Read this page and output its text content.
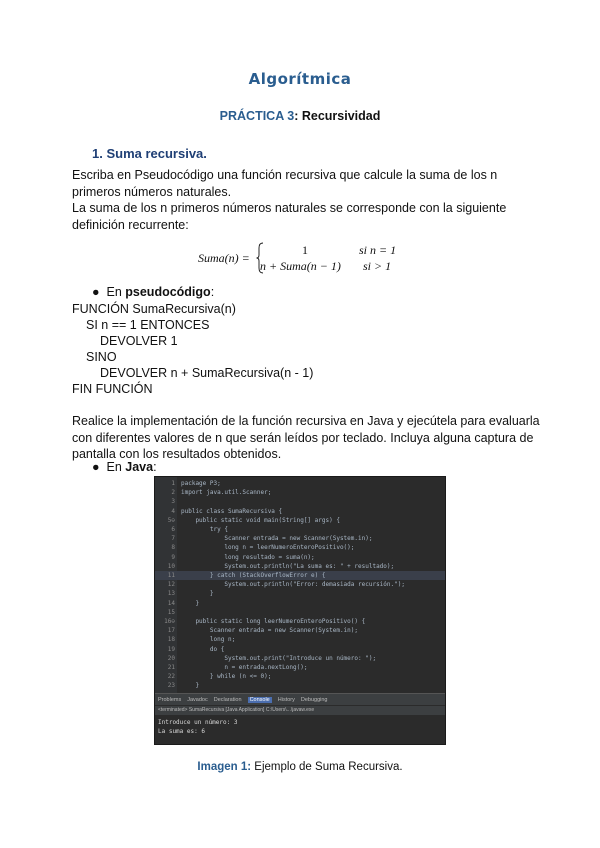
Algorítmica
PRÁCTICA 3: Recursividad
1. Suma recursiva.
Escriba en Pseudocódigo una función recursiva que calcule la suma de los n
primeros números naturales.
La suma de los n primeros números naturales se corresponde con la siguiente
definición recurrente:
Suma(n) =
1	si n = 1
n + Suma(n − 1) si > 1
●  En pseudocódigo:
FUNCIÓN SumaRecursiva(n)
SI n == 1 ENTONCES
DEVOLVER 1
SINO
DEVOLVER n + SumaRecursiva(n - 1)
FIN FUNCIÓN
Realice la implementación de la función recursiva en Java y ejecútela para evaluarla
con diferentes valores de n que serán leídos por teclado. Incluya alguna captura de
pantalla con los resultados obtenidos.
●  En Java:
1 package P3;
2 import java.util.Scanner;
3
4 public class SumaRecursiva {
5⊖    public static void main(String[] args) {
6        try {
7            Scanner entrada = new Scanner(System.in);
8            long n = leerNumeroEnteroPositivo();
9            long resultado = suma(n);
10            System.out.println("La suma es: " + resultado);
11        } catch (StackOverflowError e) {
12            System.out.println("Error: demasiada recursión.");
13        }
14    }
15
16⊖    public static long leerNumeroEnteroPositivo() {
17        Scanner entrada = new Scanner(System.in);
18        long n;
19        do {
20            System.out.print("Introduce un número: ");
21            n = entrada.nextLong();
22        } while (n <= 0);
23    }
Problems Javadoc Declaration	Console	History Debugging
<terminated> SumaRecursiva [Java Application] C:\Users\...\javaw.exe
Introduce un número: 3
La suma es: 6
Imagen 1: Ejemplo de Suma Recursiva.
